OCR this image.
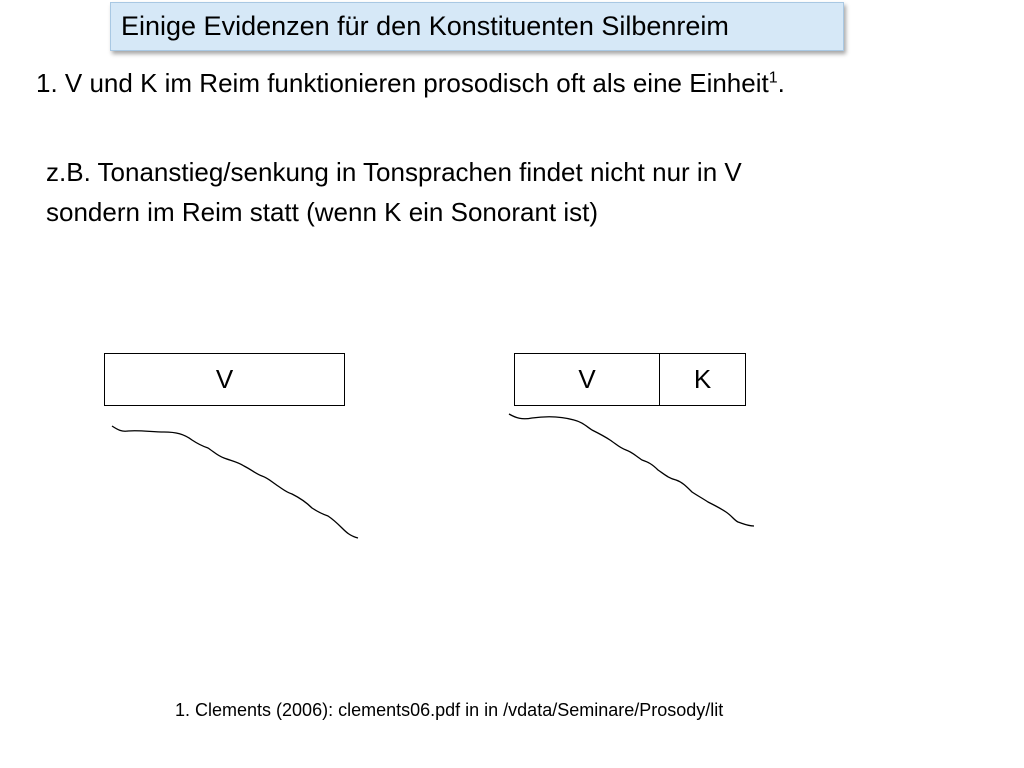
Einige Evidenzen für den Konstituenten Silbenreim
1. V und K im Reim funktionieren prosodisch oft als eine Einheit$^1$.
z.B. Tonanstieg/senkung in Tonsprachen findet nicht nur in V
sondern im Reim statt (wenn K ein Sonorant ist)
V	V	K
1. Clements (2006): clements06.pdf in in /vdata/Seminare/Prosody/lit
